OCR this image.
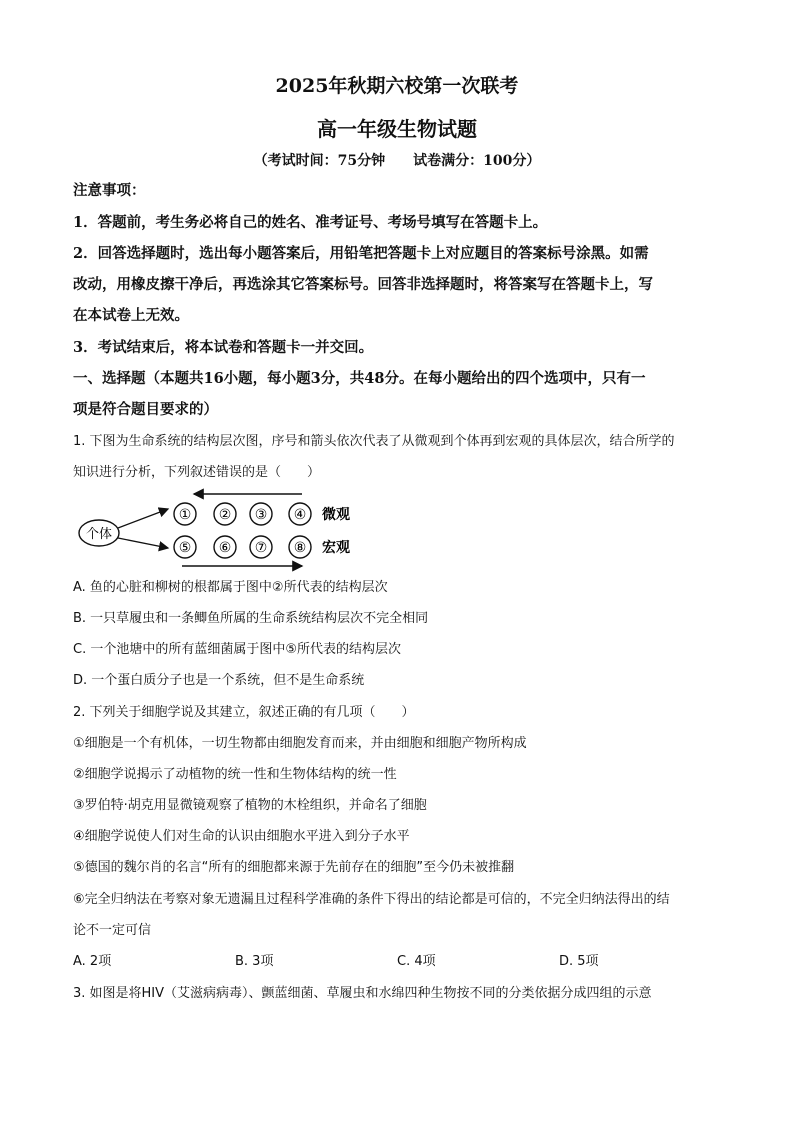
2025年秋期六校第一次联考
高一年级生物试题
（考试时间：75分钟　　试卷满分：100分）
注意事项：
1．答题前，考生务必将自己的姓名、准考证号、考场号填写在答题卡上。
2．回答选择题时，选出每小题答案后，用铅笔把答题卡上对应题目的答案标号涂黑。如需
改动，用橡皮擦干净后，再选涂其它答案标号。回答非选择题时，将答案写在答题卡上，写
在本试卷上无效。
3．考试结束后，将本试卷和答题卡一并交回。
一、选择题（本题共16小题，每小题3分，共48分。在每小题给出的四个选项中，只有一
项是符合题目要求的）
1. 下图为生命系统的结构层次图，序号和箭头依次代表了从微观到个体再到宏观的具体层次，结合所学的
知识进行分析，下列叙述错误的是（　　）
个体
① ② ③ ④
⑤ ⑥ ⑦ ⑧
微观
宏观
A. 鱼的心脏和柳树的根都属于图中②所代表的结构层次
B. 一只草履虫和一条鲫鱼所属的生命系统结构层次不完全相同
C. 一个池塘中的所有蓝细菌属于图中⑤所代表的结构层次
D. 一个蛋白质分子也是一个系统，但不是生命系统
2. 下列关于细胞学说及其建立，叙述正确的有几项（　　）
①细胞是一个有机体，一切生物都由细胞发育而来，并由细胞和细胞产物所构成
②细胞学说揭示了动植物的统一性和生物体结构的统一性
③罗伯特·胡克用显微镜观察了植物的木栓组织，并命名了细胞
④细胞学说使人们对生命的认识由细胞水平进入到分子水平
⑤德国的魏尔肖的名言“所有的细胞都来源于先前存在的细胞”至今仍未被推翻
⑥完全归纳法在考察对象无遗漏且过程科学准确的条件下得出的结论都是可信的，不完全归纳法得出的结
论不一定可信
A. 2项	B. 3项	C. 4项	D. 5项
3. 如图是将HIV（艾滋病病毒）、颤蓝细菌、草履虫和水绵四种生物按不同的分类依据分成四组的示意
